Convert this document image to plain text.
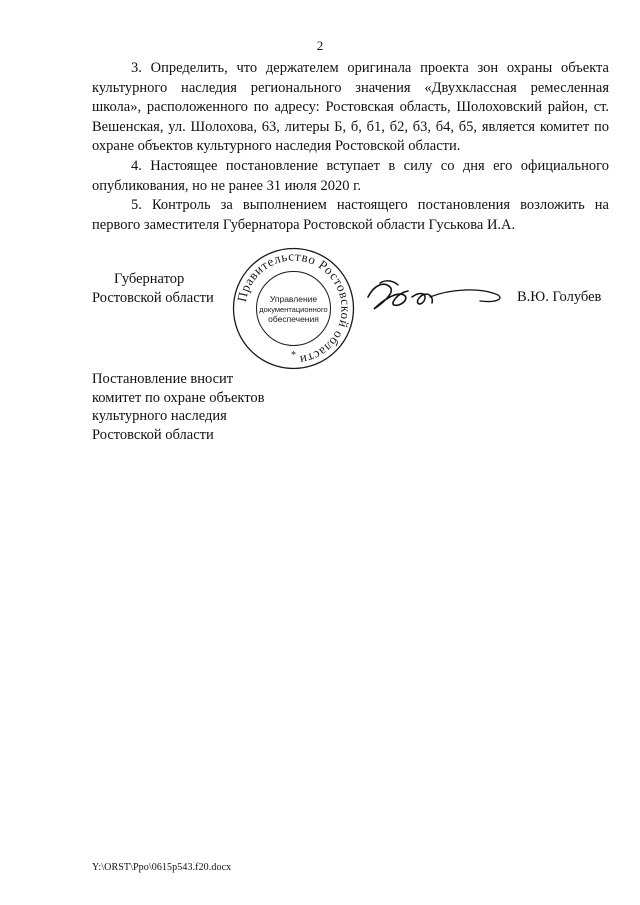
2

3. Определить, что держателем оригинала проекта зон охраны объекта культурного наследия регионального значения «Двухклассная ремесленная школа», расположенного по адресу: Ростовская область, Шолоховский район, ст. Вешенская, ул. Шолохова, 63, литеры Б, б, б1, б2, б3, б4, б5, является комитет по охране объектов культурного наследия Ростовской области.

4. Настоящее постановление вступает в силу со дня его официального опубликования, но не ранее 31 июля 2020 г.

5. Контроль за выполнением настоящего постановления возложить на первого заместителя Губернатора Ростовской области Гуськова И.А.

Губернатор
Ростовской области	Правительство Ростовской области
Управление
документационного
обеспечения
*
В.Ю. Голубев
Постановление вносит
комитет по охране объектов
культурного наследия
Ростовской области
Y:\ORST\Ppo\0615p543.f20.docx
